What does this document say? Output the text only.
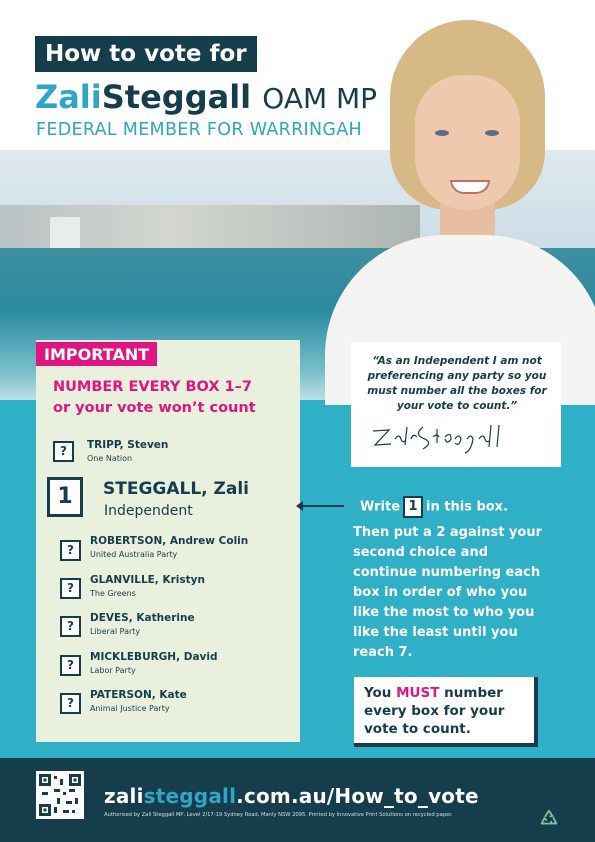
How to vote for
ZaliSteggall OAM MP
FEDERAL MEMBER FOR WARRINGAH
IMPORTANT
NUMBER EVERY BOX 1–7
or your vote won’t count
?	TRIPP, Steven
One Nation
1	STEGGALL, Zali
Independent
?
ROBERTSON, Andrew Colin
United Australia Party
?
GLANVILLE, Kristyn
The Greens
?
DEVES, Katherine
Liberal Party
?
MICKLEBURGH, David
Labor Party
?
PATERSON, Kate
Animal Justice Party
“As an Independent I am not preferencing any party so you must number all the boxes for your vote to count.”
Write 1 in this box.
Then put a 2 against your second choice and continue numbering each box in order of who you like the most to who you like the least until you reach 7.
You MUST number every box for your vote to count.
zalisteggall.com.au/How_to_vote
Authorised by Zali Steggall MP, Level 2/17-19 Sydney Road, Manly NSW 2095. Printed by Innovative Print Solutions on recycled paper.
